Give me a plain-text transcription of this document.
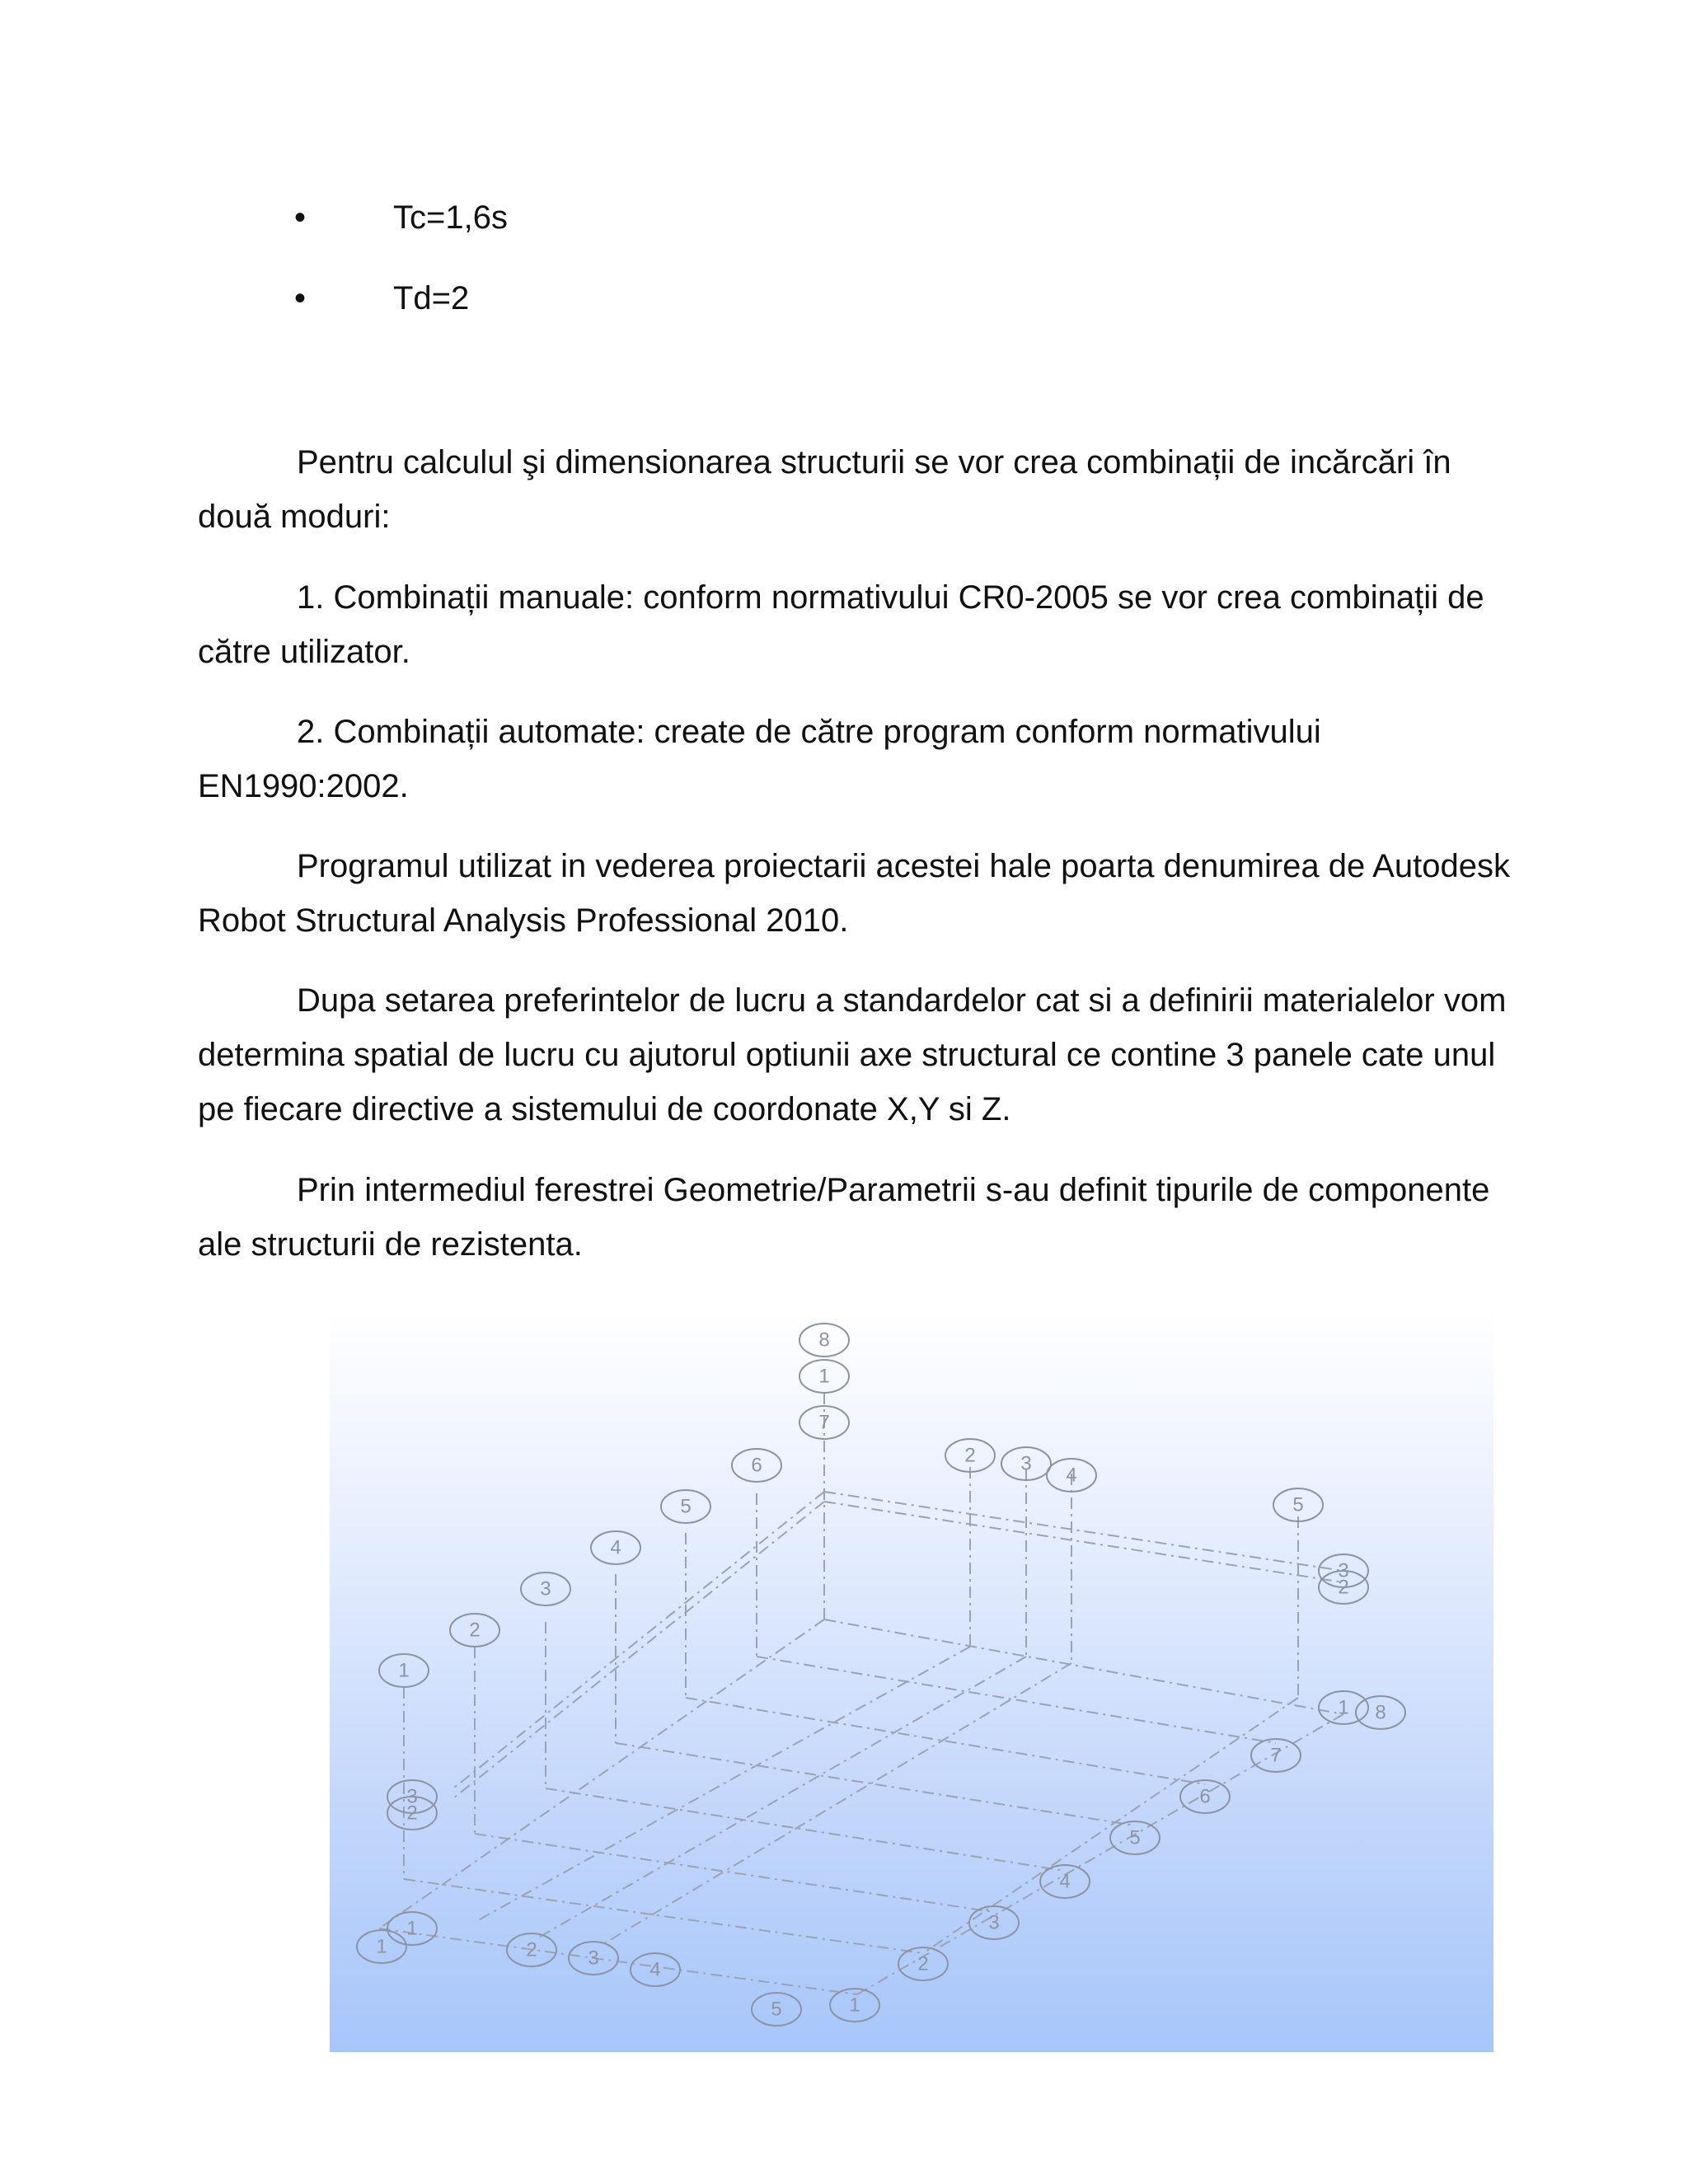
•	Tc=1,6s
•	Td=2

Pentru calculul şi dimensionarea structurii se vor crea combinații de incărcări în două moduri:

1. Combinații manuale: conform normativului CR0-2005 se vor crea combinații de către utilizator.

2. Combinații automate: create de către program conform normativului EN1990:2002.

Programul utilizat in vederea proiectarii acestei hale poarta denumirea de Autodesk Robot Structural Analysis Professional 2010.

Dupa setarea preferintelor de lucru a standardelor cat si a definirii materialelor vom determina spatial de lucru cu ajutorul optiunii axe structural ce contine 3 panele cate unul pe fiecare directive a sistemului de coordonate X,Y si Z.

Prin intermediul ferestrei Geometrie/Parametrii s-au definit tipurile de componente ale structurii de rezistenta.

8
1
2 3
4
5
1
2
3
4
5
6
7
3
2
1
3
2
1 8
7
6
5
4
3
2
1
1	2	3
4
5
